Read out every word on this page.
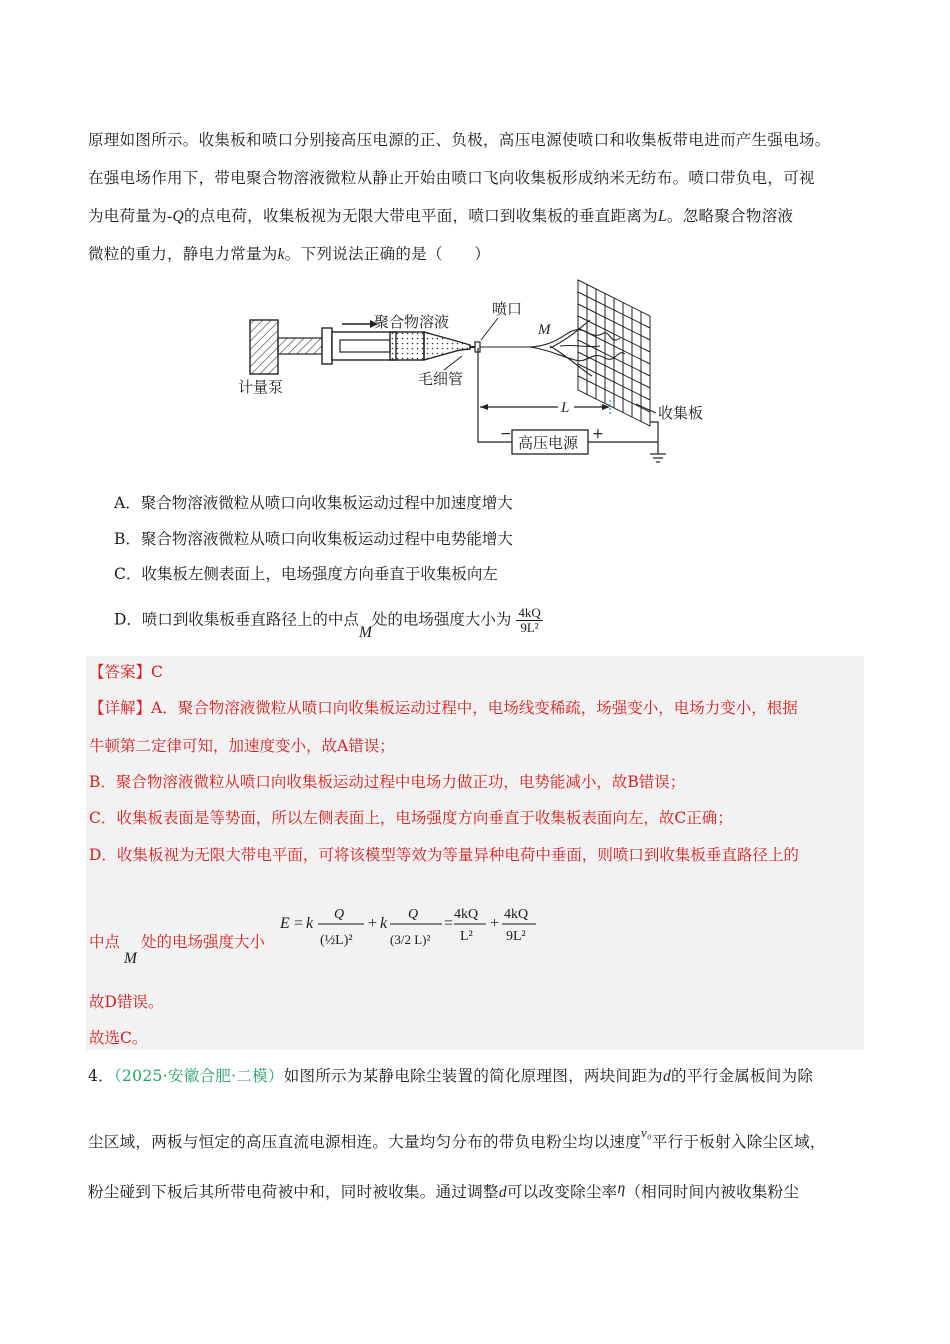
原理如图所示。收集板和喷口分别接高压电源的正、负极，高压电源使喷口和收集板带电进而产生强电场。
在强电场作用下，带电聚合物溶液微粒从静止开始由喷口飞向收集板形成纳米无纺布。喷口带负电，可视
为电荷量为-Q的点电荷，收集板视为无限大带电平面，喷口到收集板的垂直距离为L。忽略聚合物溶液
微粒的重力，静电力常量为k。下列说法正确的是（　　）
聚合物溶液
喷口
计量泵	毛细管
M
收集板
L
高压电源
−	+
A．聚合物溶液微粒从喷口向收集板运动过程中加速度增大
B．聚合物溶液微粒从喷口向收集板运动过程中电势能增大
C．收集板左侧表面上，电场强度方向垂直于收集板向左
D．喷口到收集板垂直路径上的中点M处的电场强度大小为 $\frac{4kQ}{\text{9L²}}$
【答案】C
【详解】A．聚合物溶液微粒从喷口向收集板运动过程中，电场线变稀疏，场强变小，电场力变小，根据
牛顿第二定律可知，加速度变小，故A错误；
B．聚合物溶液微粒从喷口向收集板运动过程中电场力做正功，电势能减小，故B错误；
C．收集板表面是等势面，所以左侧表面上，电场强度方向垂直于收集板表面向左，故C正确；
D．收集板视为无限大带电平面，可将该模型等效为等量异种电荷中垂面，则喷口到收集板垂直路径上的
中点M处的电场强度大小
E = k
Q
(½L)²
+ k
Q
(3/2 L)²
=
4kQ
L²
+
4kQ
9L²
故D错误。
故选C。
4．（2025·安徽合肥·二模）如图所示为某静电除尘装置的简化原理图，两块间距为d的平行金属板间为除
尘区域，两板与恒定的高压直流电源相连。大量均匀分布的带负电粉尘均以速度$^{v_0}$平行于板射入除尘区域，
粉尘碰到下板后其所带电荷被中和，同时被收集。通过调整d可以改变除尘率η（相同时间内被收集粉尘
